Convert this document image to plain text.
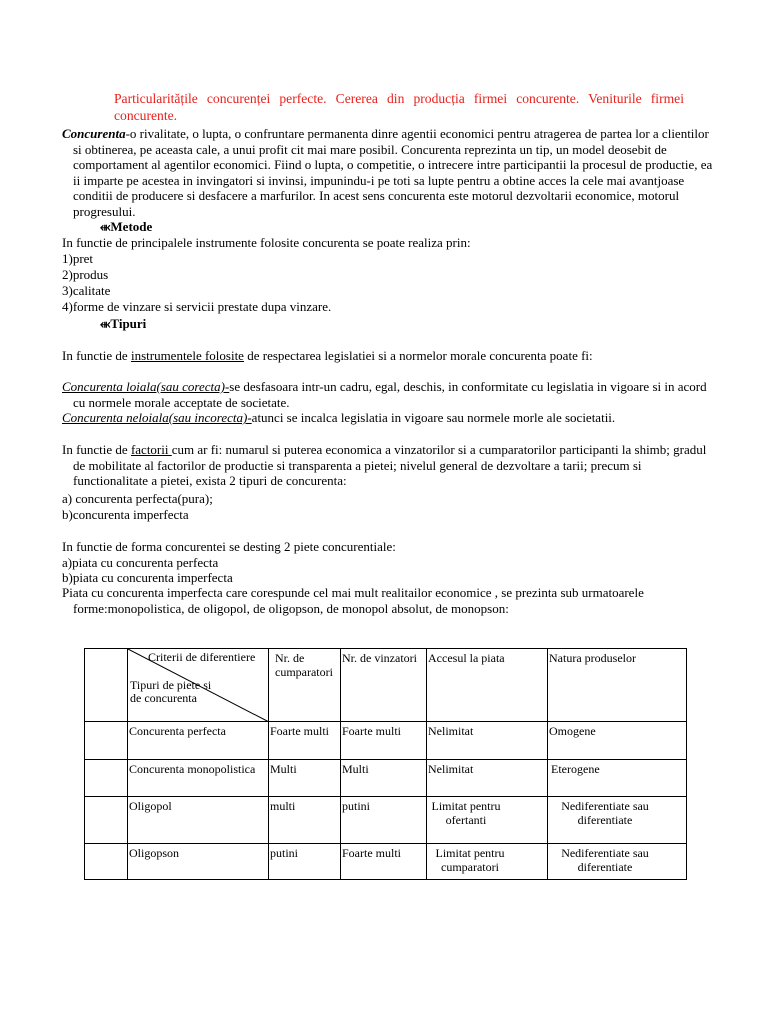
Particularitățile concurenței perfecte. Cererea din producția firmei concurente. Veniturile firmei concurente.
Concurenta-o rivalitate, o lupta, o confruntare permanenta dinre agentii economici pentru atragerea de partea lor a clientilor si obtinerea, pe aceasta cale, a unui profit cit mai mare posibil. Concurenta reprezinta un tip, un model deosebit de comportament al agentilor economici. Fiind o lupta, o competitie, o intrecere intre participantii la procesul de productie, ea ii imparte pe acestea in invingatori si invinsi, impunindu-i pe toti sa lupte pentru a obtine acces la cele mai avantjoase conditii de producere si desfacere a marfurilor. In acest sens concurenta este motorul dezvoltarii economice, motorul progresului.
⬺Metode
In functie de principalele instrumente folosite concurenta se poate realiza prin:
1)pret
2)produs
3)calitate
4)forme de vinzare si servicii prestate dupa vinzare.
⬺Tipuri
In functie de instrumentele folosite de respectarea legislatiei si a normelor morale concurenta poate fi:
Concurenta loiala(sau corecta)-se desfasoara intr-un cadru, egal, deschis, in conformitate cu legislatia in vigoare si in acord cu normele morale acceptate de societate.
Concurenta neloiala(sau incorecta)-atunci se incalca legislatia in vigoare sau normele morle ale societatii.
In functie de factorii cum ar fi: numarul si puterea economica a vinzatorilor si a cumparatorilor participanti la shimb; gradul de mobilitate al factorilor de productie si transparenta a pietei; nivelul general de dezvoltare a tarii; precum si functionalitate a pietei, exista 2 tipuri de concurenta:
a) concurenta perfecta(pura);
b)concurenta imperfecta
In functie de forma concurentei se desting 2 piete concurentiale:
a)piata cu concurenta perfecta
b)piata cu concurenta imperfecta
Piata cu concurenta imperfecta care corespunde cel mai mult realitailor economice , se prezinta sub urmatoarele forme:monopolistica, de oligopol, de oligopson, de monopol absolut, de monopson:

	Criterii de diferentiere
Tipuri de piete si de concurenta	Nr. de cumparatori	Nr. de vinzatori	Accesul la piata	Natura produselor
	Concurenta perfecta	Foarte multi	Foarte multi	Nelimitat	Omogene
	Concurenta monopolistica	Multi	Multi	Nelimitat	Eterogene
	Oligopol	multi	putini	Limitat pentru ofertanti	Nediferentiate sau diferentiate

	Oligopson	putini	Foarte multi	Limitat pentru cumparatori	Nediferentiate sau diferentiate
